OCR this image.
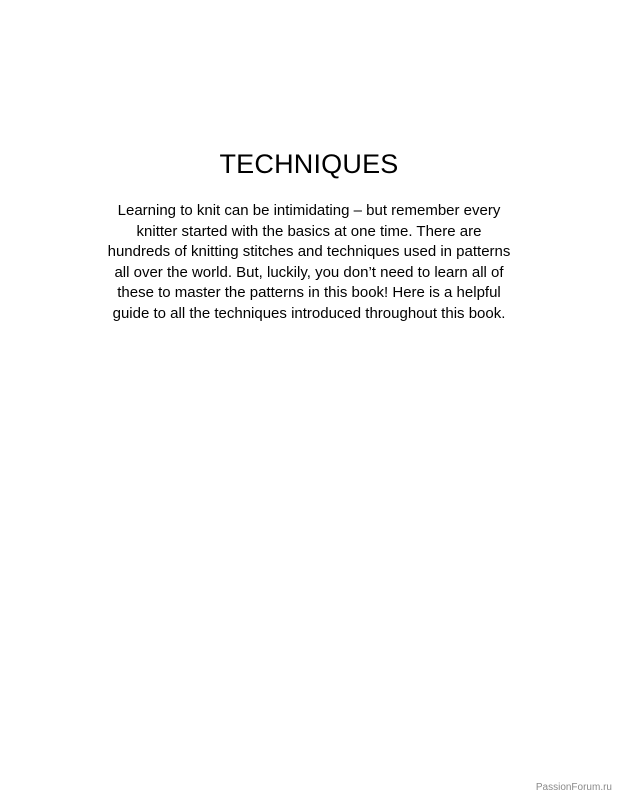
TECHNIQUES
Learning to knit can be intimidating – but remember every
knitter started with the basics at one time. There are
hundreds of knitting stitches and techniques used in patterns
all over the world. But, luckily, you don’t need to learn all of
these to master the patterns in this book! Here is a helpful
guide to all the techniques introduced throughout this book.
PassionForum.ru
